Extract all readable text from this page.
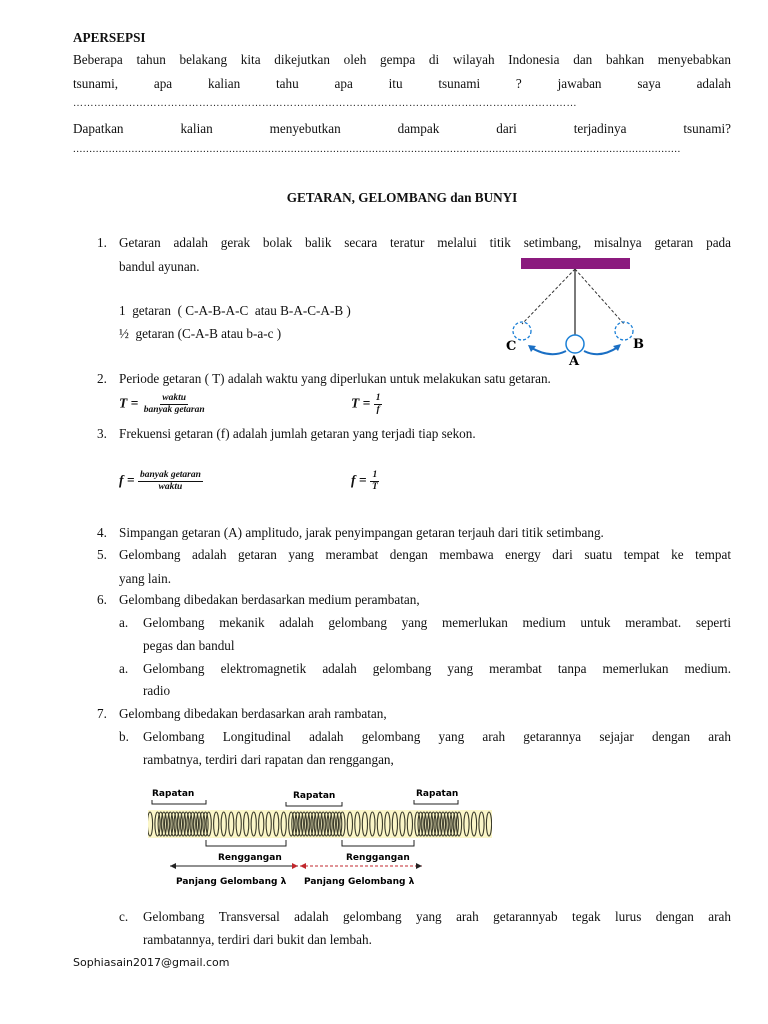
APERSEPSI
Beberapa tahun belakang kita dikejutkan oleh gempa di wilayah Indonesia dan bahkan menyebabkan
tsunami, apa kalian tahu apa itu tsunami ? jawaban saya adalah
………………………………………………………………………………………………………………………………
Dapatkan kalian menyebutkan dampak dari terjadinya tsunami?
...........................................................................................................................................................................................
GETARAN, GELOMBANG dan BUNYI
1. Getaran adalah gerak bolak balik secara teratur melalui titik setimbang, misalnya getaran pada
bandul ayunan.
1  getaran  ( C-A-B-A-C  atau B-A-C-A-B )
½  getaran (C-A-B atau b-a-c )
C
A
B
2. Periode getaran ( T) adalah waktu yang diperlukan untuk melakukan satu getaran.
$T = \frac{\text{waktu}}{\text{banyak getaran}}$	$T = \frac{1}{f}$
3. Frekuensi getaran (f) adalah jumlah getaran yang terjadi tiap sekon.
$f = \frac{\text{banyak getaran}}{\text{waktu}}$	$f = \frac{1}{T}$
4. Simpangan getaran (A) amplitudo, jarak penyimpangan getaran terjauh dari titik setimbang.
5. Gelombang adalah getaran yang merambat dengan membawa energy dari suatu tempat ke tempat
yang lain.
6. Gelombang dibedakan berdasarkan medium perambatan,
a. Gelombang mekanik adalah gelombang yang memerlukan medium untuk merambat. seperti
pegas dan bandul
a. Gelombang elektromagnetik adalah gelombang yang merambat tanpa memerlukan medium.
radio
7. Gelombang dibedakan berdasarkan arah rambatan,
b. Gelombang Longitudinal adalah gelombang yang arah getarannya sejajar dengan arah
rambatnya, terdiri dari rapatan dan renggangan,
Rapatan	Rapatan	Rapatan
Renggangan	Renggangan
Panjang Gelombang λ Panjang Gelombang λ
c. Gelombang Transversal adalah gelombang yang arah getarannyab tegak lurus dengan arah
rambatannya, terdiri dari bukit dan lembah.
Sophiasain2017@gmail.com
